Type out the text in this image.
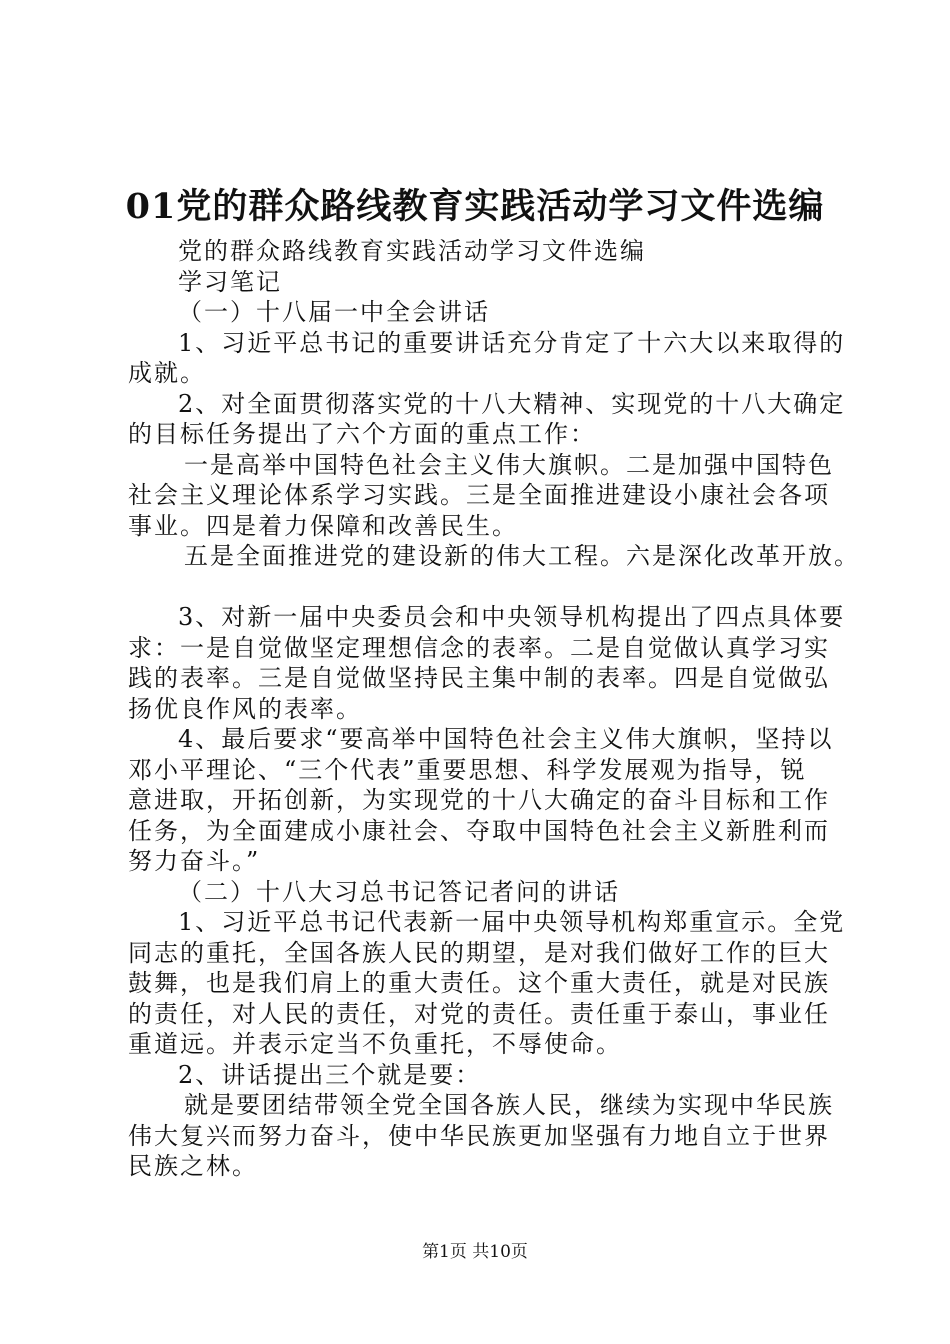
01党的群众路线教育实践活动学习文件选编
党的群众路线教育实践活动学习文件选编
学习笔记
（一）十八届一中全会讲话
1、习近平总书记的重要讲话充分肯定了十六大以来取得的
成就。
2、对全面贯彻落实党的十八大精神、实现党的十八大确定
的目标任务提出了六个方面的重点工作：
一是高举中国特色社会主义伟大旗帜。二是加强中国特色
社会主义理论体系学习实践。三是全面推进建设小康社会各项
事业。四是着力保障和改善民生。
五是全面推进党的建设新的伟大工程。六是深化改革开放。
3、对新一届中央委员会和中央领导机构提出了四点具体要
求：一是自觉做坚定理想信念的表率。二是自觉做认真学习实
践的表率。三是自觉做坚持民主集中制的表率。四是自觉做弘
扬优良作风的表率。
4、最后要求“要高举中国特色社会主义伟大旗帜，坚持以
邓小平理论、“三个代表”重要思想、科学发展观为指导，锐
意进取，开拓创新，为实现党的十八大确定的奋斗目标和工作
任务，为全面建成小康社会、夺取中国特色社会主义新胜利而
努力奋斗。”
（二）十八大习总书记答记者问的讲话
1、习近平总书记代表新一届中央领导机构郑重宣示。全党
同志的重托，全国各族人民的期望，是对我们做好工作的巨大
鼓舞，也是我们肩上的重大责任。这个重大责任，就是对民族
的责任，对人民的责任，对党的责任。责任重于泰山，事业任
重道远。并表示定当不负重托，不辱使命。
2、讲话提出三个就是要：
就是要团结带领全党全国各族人民，继续为实现中华民族
伟大复兴而努力奋斗，使中华民族更加坚强有力地自立于世界
民族之林。
第1页 共10页
